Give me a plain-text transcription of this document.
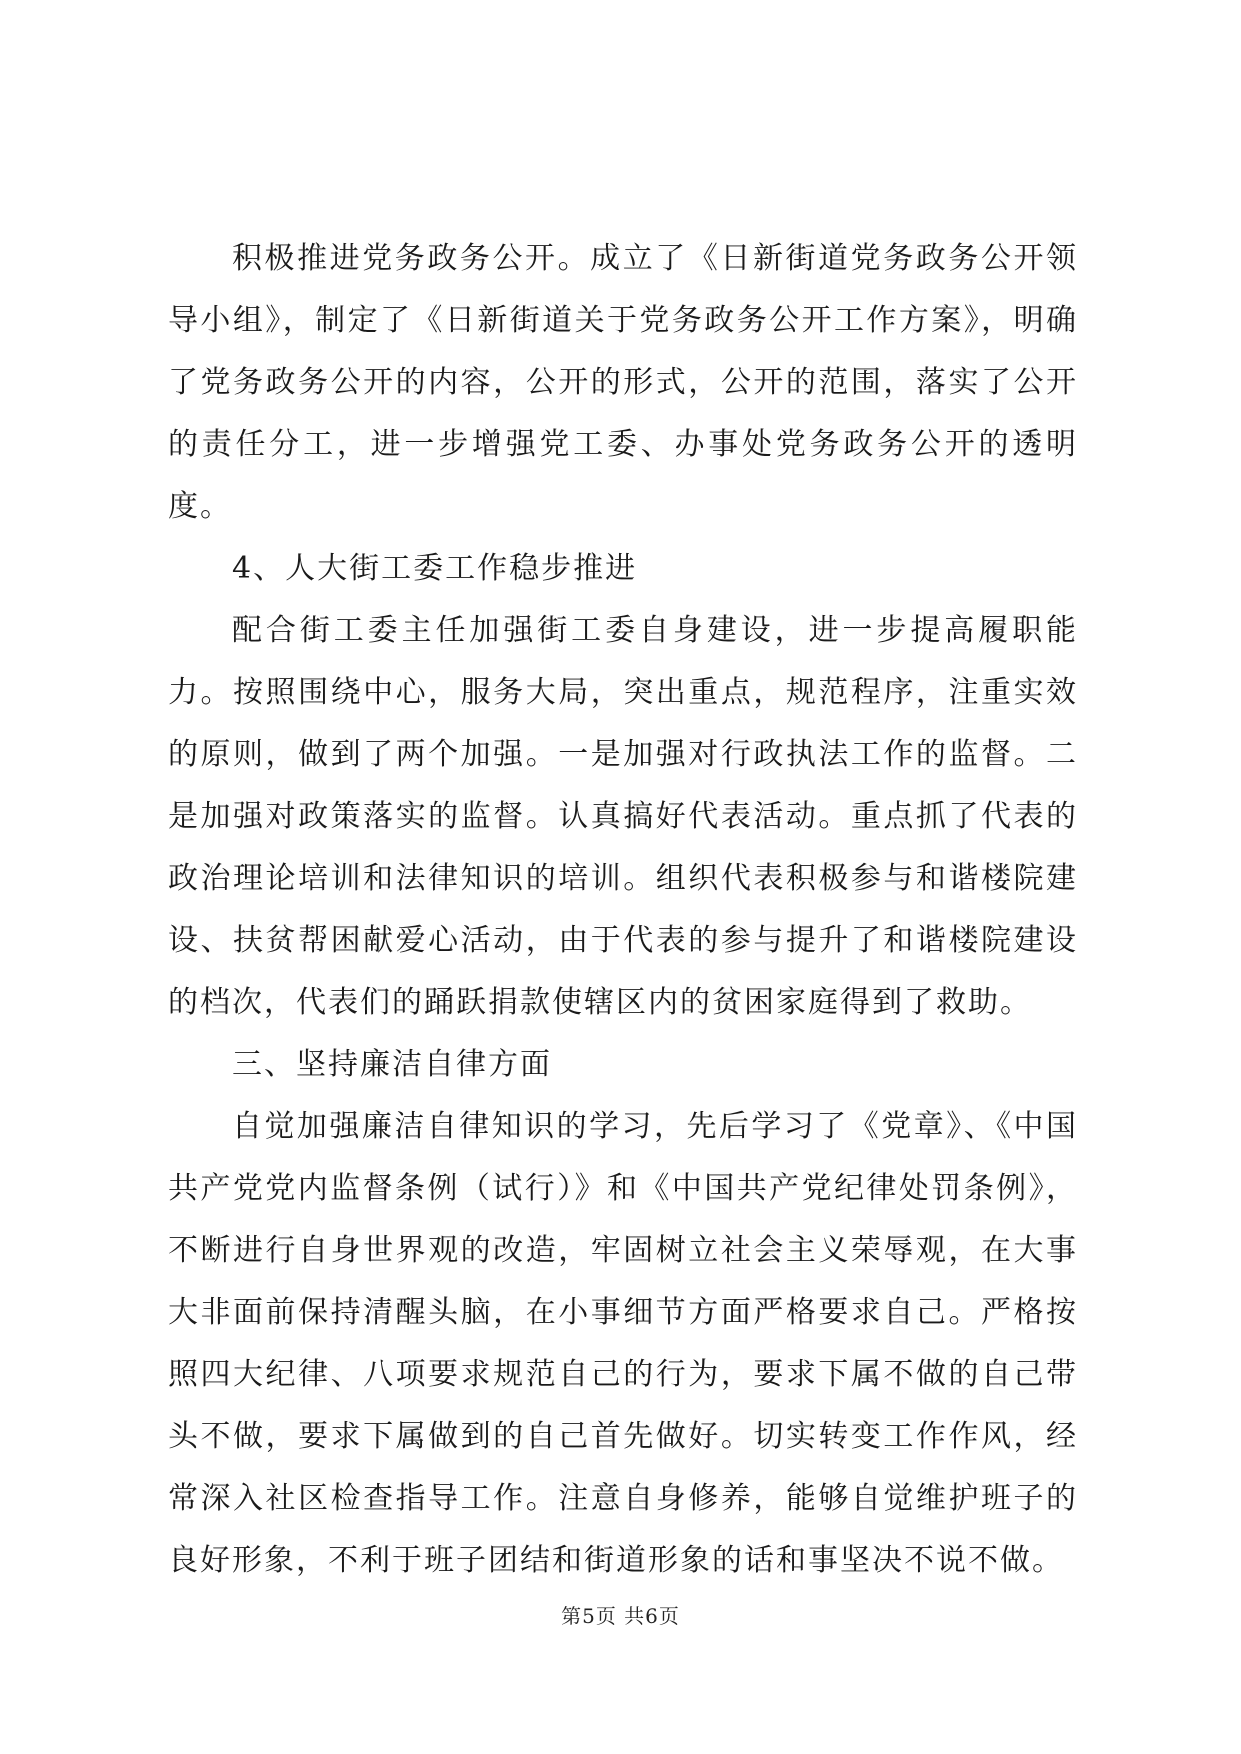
积极推进党务政务公开。成立了《日新街道党务政务公开领导小组》，制定了《日新街道关于党务政务公开工作方案》，明确了党务政务公开的内容，公开的形式，公开的范围，落实了公开的责任分工，进一步增强党工委、办事处党务政务公开的透明度。

4、人大街工委工作稳步推进

配合街工委主任加强街工委自身建设，进一步提高履职能力。按照围绕中心，服务大局，突出重点，规范程序，注重实效的原则，做到了两个加强。一是加强对行政执法工作的监督。二是加强对政策落实的监督。认真搞好代表活动。重点抓了代表的政治理论培训和法律知识的培训。组织代表积极参与和谐楼院建设、扶贫帮困献爱心活动，由于代表的参与提升了和谐楼院建设的档次，代表们的踊跃捐款使辖区内的贫困家庭得到了救助。

三、坚持廉洁自律方面

自觉加强廉洁自律知识的学习，先后学习了《党章》、《中国共产党党内监督条例（试行）》和《中国共产党纪律处罚条例》，不断进行自身世界观的改造，牢固树立社会主义荣辱观，在大事大非面前保持清醒头脑，在小事细节方面严格要求自己。严格按照四大纪律、八项要求规范自己的行为，要求下属不做的自己带头不做，要求下属做到的自己首先做好。切实转变工作作风，经常深入社区检查指导工作。注意自身修养，能够自觉维护班子的良好形象，不利于班子团结和街道形象的话和事坚决不说不做。

第5页 共6页
